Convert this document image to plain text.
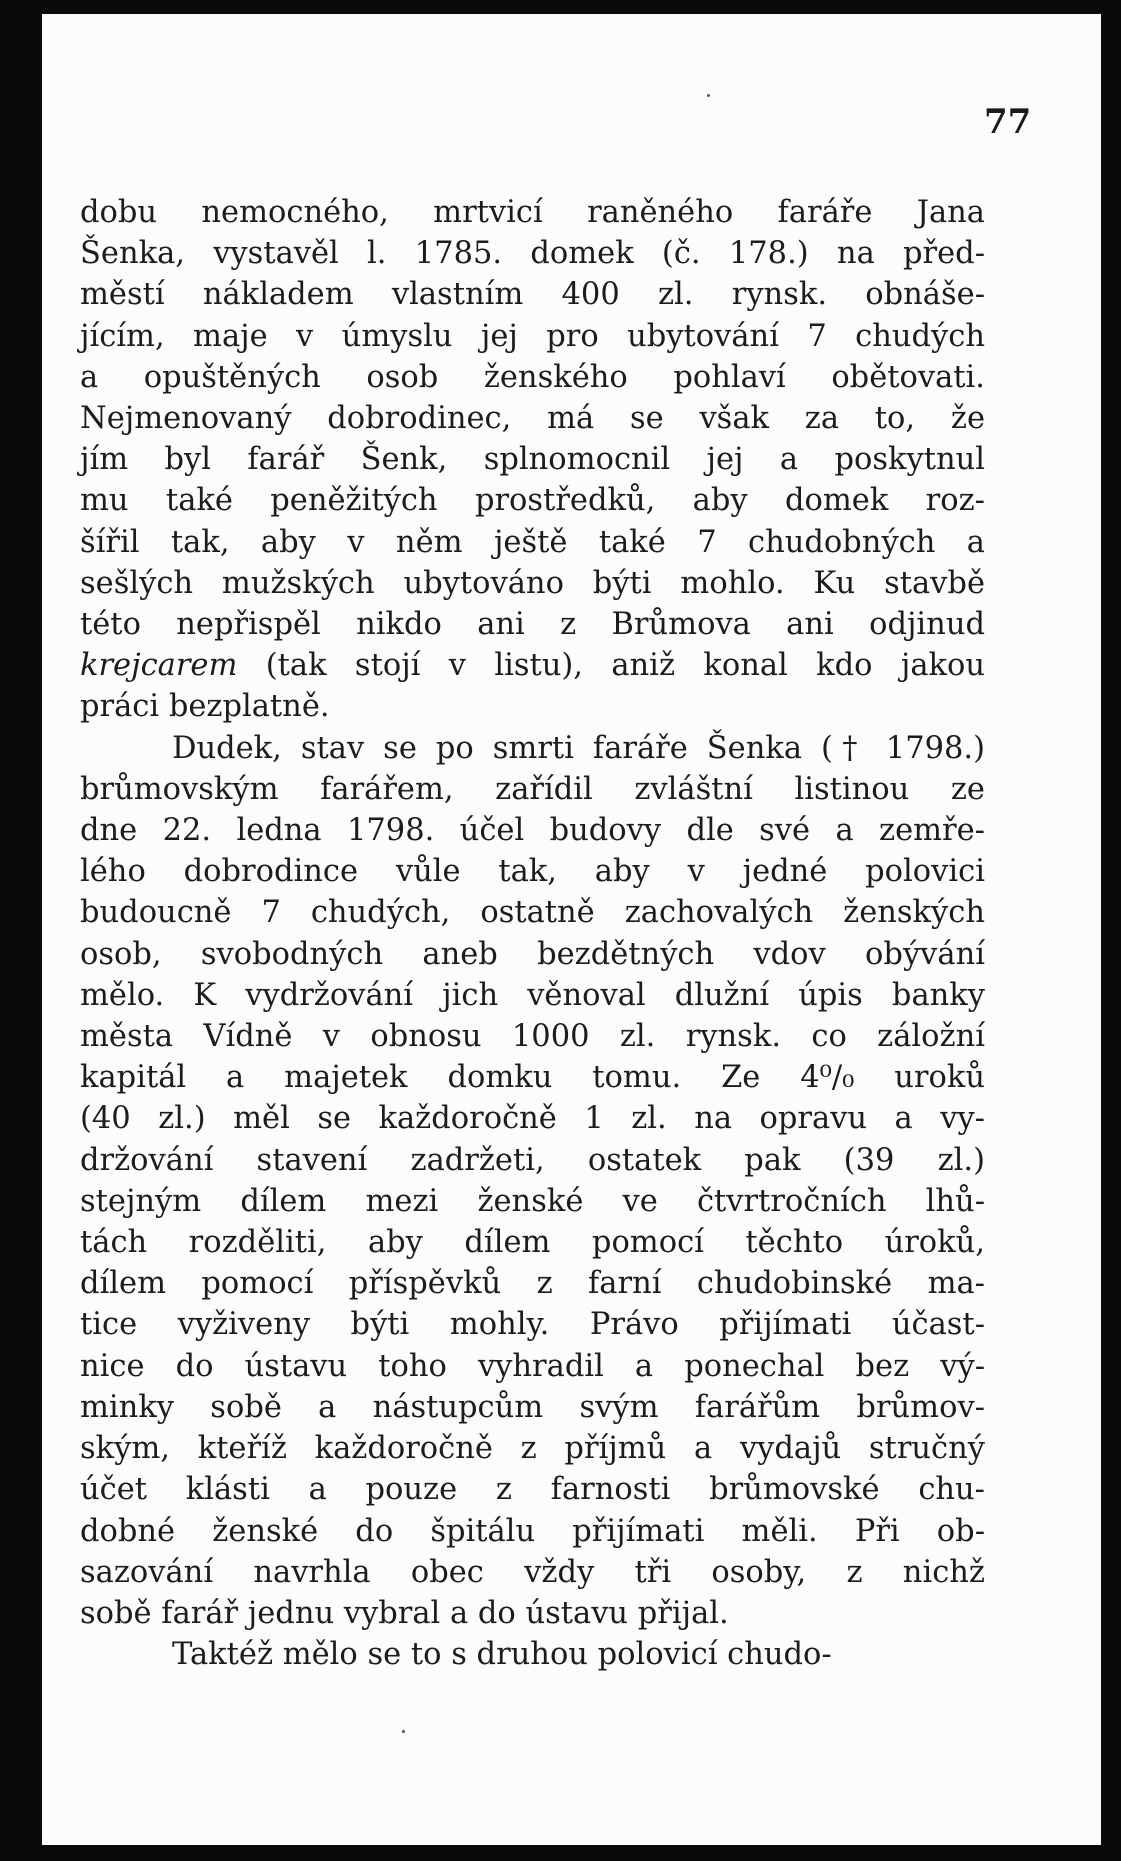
77
dobu nemocného, mrtvicí raněného faráře Jana
Šenka, vystavěl l. 1785. domek (č. 178.) na před-
městí nákladem vlastním 400 zl. rynsk. obnáše-
jícím, maje v úmyslu jej pro ubytování 7 chudých
a opuštěných osob ženského pohlaví obětovati.
Nejmenovaný dobrodinec, má se však za to, že
jím byl farář Šenk, splnomocnil jej a poskytnul
mu také peněžitých prostředků, aby domek roz-
šířil tak, aby v něm ještě také 7 chudobných a
sešlých mužských ubytováno býti mohlo. Ku stavbě
této nepřispěl nikdo ani z Brůmova ani odjinud
krejcarem (tak stojí v listu), aniž konal kdo jakou
práci bezplatně.
Dudek, stav se po smrti faráře Šenka († 1798.)
brůmovským farářem, zařídil zvláštní listinou ze
dne 22. ledna 1798. účel budovy dle své a zemře-
lého dobrodince vůle tak, aby v jedné polovici
budoucně 7 chudých, ostatně zachovalých ženských
osob, svobodných aneb bezdětných vdov obývání
mělo. K vydržování jich věnoval dlužní úpis banky
města Vídně v obnosu 1000 zl. rynsk. co záložní
kapitál a majetek domku tomu. Ze 4⁰/₀ uroků
(40 zl.) měl se každoročně 1 zl. na opravu a vy-
držování stavení zadržeti, ostatek pak (39 zl.)
stejným dílem mezi ženské ve čtvrtročních lhů-
tách rozděliti, aby dílem pomocí těchto úroků,
dílem pomocí příspěvků z farní chudobinské ma-
tice vyživeny býti mohly. Právo přijímati účast-
nice do ústavu toho vyhradil a ponechal bez vý-
minky sobě a nástupcům svým farářům brůmov-
ským, kteříž každoročně z příjmů a vydajů stručný
účet klásti a pouze z farnosti brůmovské chu-
dobné ženské do špitálu přijímati měli. Při ob-
sazování navrhla obec vždy tři osoby, z nichž
sobě farář jednu vybral a do ústavu přijal.
Taktéž mělo se to s druhou polovicí chudo-
